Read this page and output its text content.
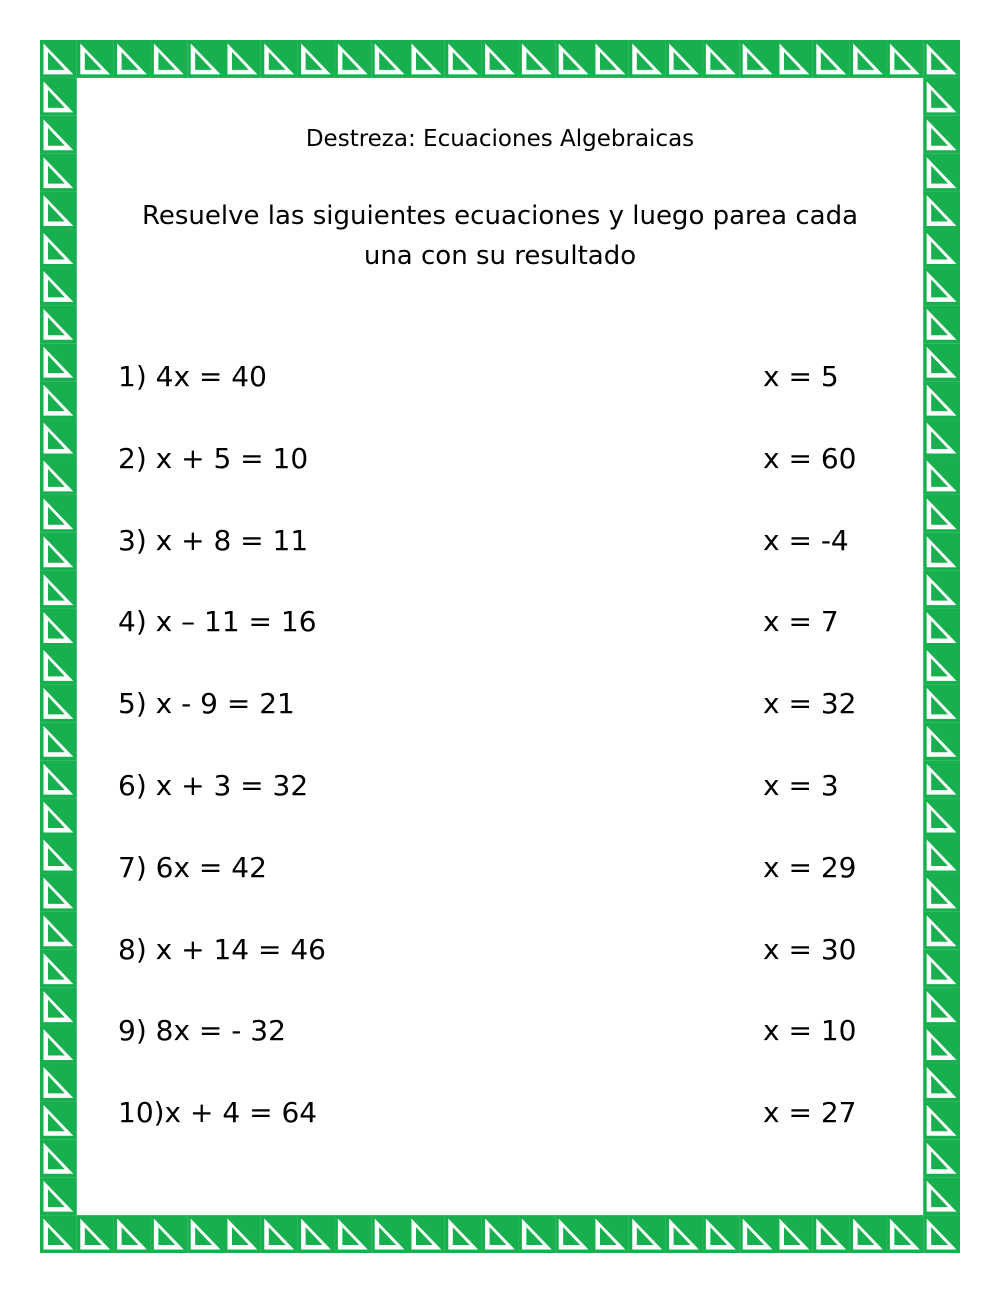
Destreza: Ecuaciones Algebraicas
Resuelve las siguientes ecuaciones y luego parea cada
una con su resultado
1) 4x = 40
2) x + 5 = 10
3) x + 8 = 11
4) x – 11 = 16
5) x - 9 = 21
6) x + 3 = 32
7) 6x = 42
8) x + 14 = 46
9) 8x = - 32
10)x + 4 = 64
x = 5
x = 60
x = -4
x = 7
x = 32
x = 3
x = 29
x = 30
x = 10
x = 27
